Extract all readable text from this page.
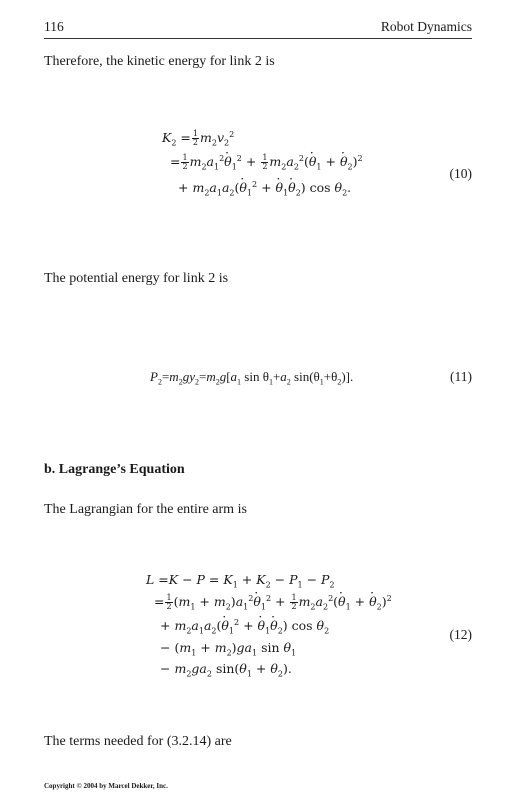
116	Robot Dynamics
Therefore, the kinetic energy for link 2 is
$K_2 = \frac{1}{2} m_2v_2^2$
= $\frac{1}{2} m_2a_1^2\cdot \theta_1^2 + \frac{1}{2} m_2a_2^2(\cdot \theta_1$ + · $\theta_2)^2$
+ $m_2a_1a_2(\cdot \theta_1^2$ + · $\theta_1\cdot \theta_2$) $\cos \theta_2$.
(10)
The potential energy for link 2 is
$P_2=m_2gy_2=m_2g[a_1$ $\sin \theta_1+a_2$ $\sin(\theta_1+\theta_2)$].	(11)
b. Lagrange’s Equation
The Lagrangian for the entire arm is
$L =K - P = K_1 + K_2 - P_1 - P_2$
= $\frac{1}{2} (m_1 + m_2)a_1^2\cdot \theta_1^2 + \frac{1}{2} m_2a_2^2(\cdot \theta_1$ + · $\theta_2)^2$
+ $m_2a_1a_2(\cdot \theta_1^2$ + · $\theta_1\cdot \theta_2$) $\cos \theta_2$
− $(m_1 + m_2)ga_1$ $\sin \theta_1$
− $m_2ga_2$ $\sin(\theta_1 + \theta_2)$.
(12)
The terms needed for (3.2.14) are
Copyright © 2004 by Marcel Dekker, Inc.
